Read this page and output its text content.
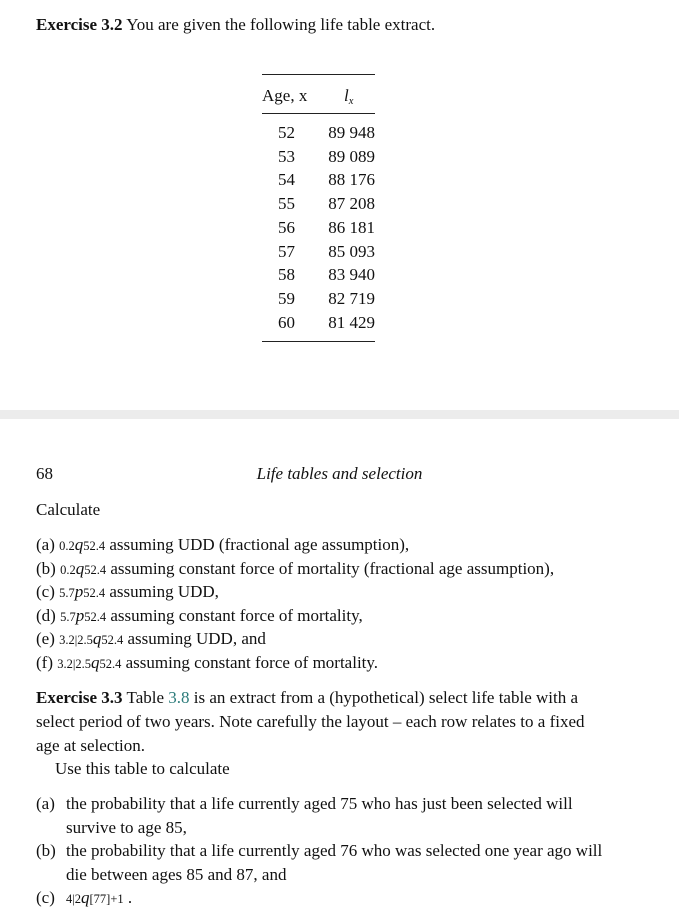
Exercise 3.2 You are given the following life table extract.
Age, x lx
52	89 948
53	89 089
54	88 176
55	87 208
56	86 181
57	85 093
58	83 940
59	82 719
60	81 429
68	Life tables and selection
Calculate
(a) 0.2q52.4 assuming UDD (fractional age assumption),
(b) 0.2q52.4 assuming constant force of mortality (fractional age assumption),
(c) 5.7p52.4 assuming UDD,
(d) 5.7p52.4 assuming constant force of mortality,
(e) 3.2|2.5q52.4 assuming UDD, and
(f) 3.2|2.5q52.4 assuming constant force of mortality.
Exercise 3.3 Table 3.8 is an extract from a (hypothetical) select life table with a select period of two years. Note carefully the layout – each row relates to a fixed age at selection.
Use this table to calculate
(a) the probability that a life currently aged 75 who has just been selected will survive to age 85,
(b) the probability that a life currently aged 76 who was selected one year ago will die between ages 85 and 87, and
(c) 4|2q[77]+1 .
